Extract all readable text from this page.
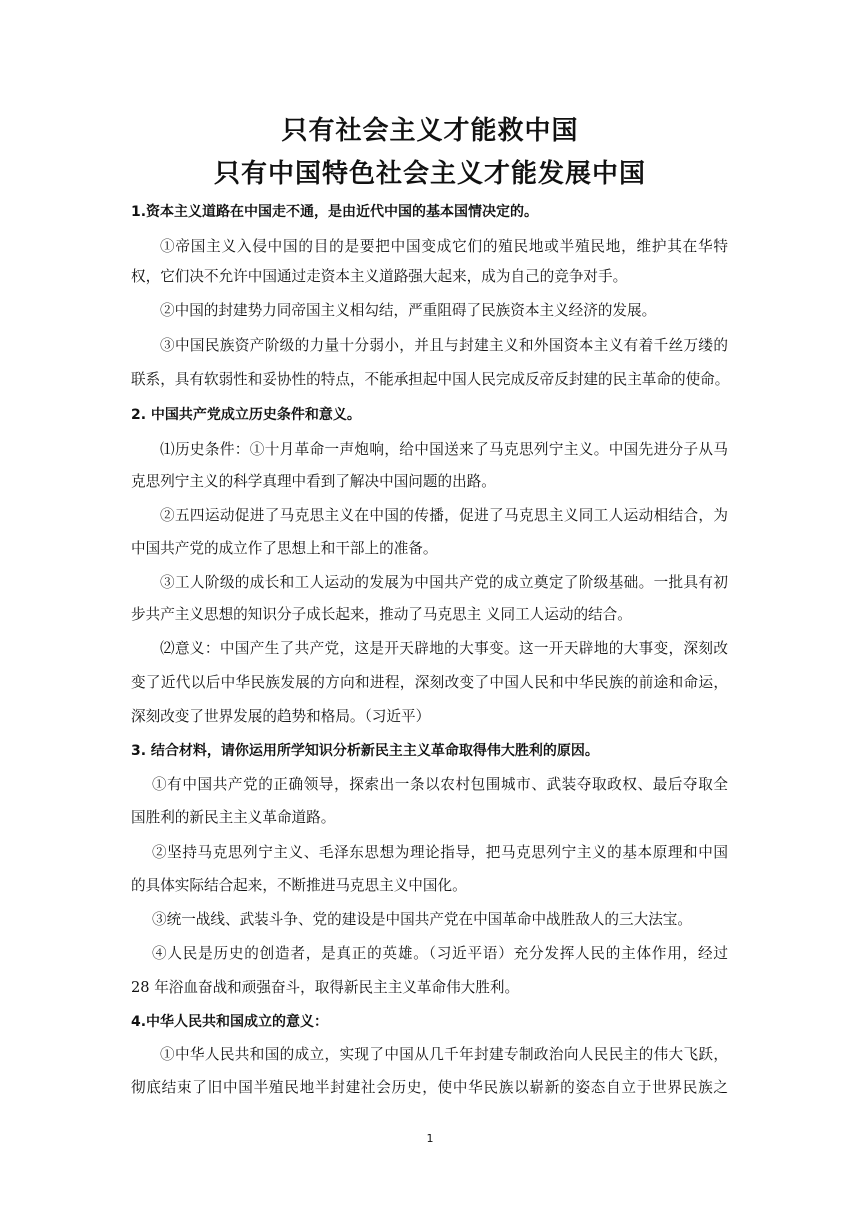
只有社会主义才能救中国
只有中国特色社会主义才能发展中国
1.资本主义道路在中国走不通，是由近代中国的基本国情决定的。
①帝国主义入侵中国的目的是要把中国变成它们的殖民地或半殖民地，维护其在华特
权，它们决不允许中国通过走资本主义道路强大起来，成为自己的竞争对手。
②中国的封建势力同帝国主义相勾结，严重阻碍了民族资本主义经济的发展。
③中国民族资产阶级的力量十分弱小，并且与封建主义和外国资本主义有着千丝万缕的
联系，具有软弱性和妥协性的特点，不能承担起中国人民完成反帝反封建的民主革命的使命。
2. 中国共产党成立历史条件和意义。
⑴历史条件：①十月革命一声炮响，给中国送来了马克思列宁主义。中国先进分子从马
克思列宁主义的科学真理中看到了解决中国问题的出路。
②五四运动促进了马克思主义在中国的传播，促进了马克思主义同工人运动相结合，为
中国共产党的成立作了思想上和干部上的准备。
③工人阶级的成长和工人运动的发展为中国共产党的成立奠定了阶级基础。一批具有初
步共产主义思想的知识分子成长起来，推动了马克思主 义同工人运动的结合。
⑵意义：中国产生了共产党，这是开天辟地的大事变。这一开天辟地的大事变，深刻改
变了近代以后中华民族发展的方向和进程，深刻改变了中国人民和中华民族的前途和命运，
深刻改变了世界发展的趋势和格局。（习近平）
3. 结合材料，请你运用所学知识分析新民主主义革命取得伟大胜利的原因。
①有中国共产党的正确领导，探索出一条以农村包围城市、武装夺取政权、最后夺取全
国胜利的新民主主义革命道路。
②坚持马克思列宁主义、毛泽东思想为理论指导，把马克思列宁主义的基本原理和中国
的具体实际结合起来，不断推进马克思主义中国化。
③统一战线、武装斗争、党的建设是中国共产党在中国革命中战胜敌人的三大法宝。
④人民是历史的创造者，是真正的英雄。（习近平语）充分发挥人民的主体作用，经过
28 年浴血奋战和顽强奋斗，取得新民主主义革命伟大胜利。
4.中华人民共和国成立的意义：
①中华人民共和国的成立，实现了中国从几千年封建专制政治向人民民主的伟大飞跃，
彻底结束了旧中国半殖民地半封建社会历史，使中华民族以崭新的姿态自立于世界民族之
1
